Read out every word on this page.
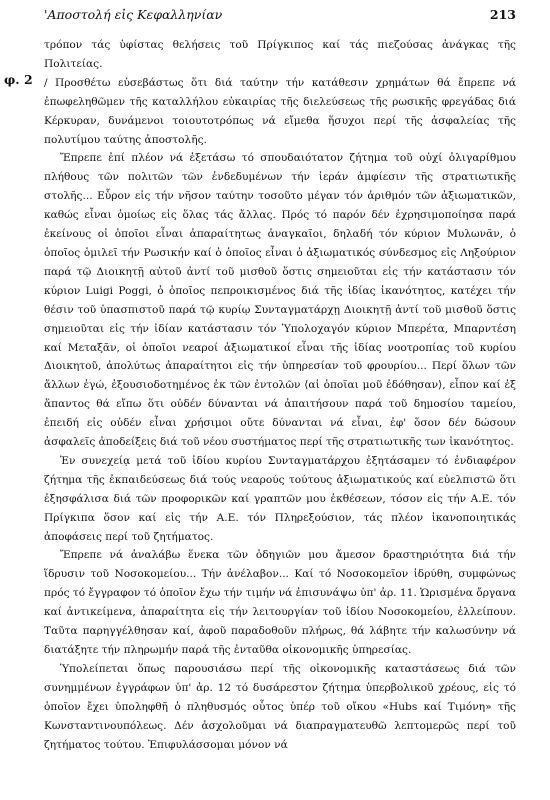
'Αποστολή εἰς Κεφαλληνίαν	213
φ. 2

τρόπον τάς ὑφίστας θελήσεις τοῦ Πρίγκιπος καί τάς πιεζούσας ἀνάγκας τῆς Πολιτείας.

/ Προσθέτω εὐσεβάστως ὅτι διά ταύτην τήν κατάθεσιν χρημάτων θά ἔπρεπε νά ἐπωφεληθῶμεν τῆς καταλλήλου εὐκαιρίας τῆς διελεύσεως τῆς ρωσικῆς φρεγάδας διά Κέρκυραν, δυνάμενοι τοιουτοτρόπως νά εἴμεθα ἥσυχοι περί τῆς ἀσφαλείας τῆς πολυτίμου ταύτης ἀποστολῆς.

Ἔπρεπε ἐπί πλέον νά ἐξετάσω τό σπουδαιότατον ζήτημα τοῦ οὐχί ὀλιγαρίθμου πλήθους τῶν πολιτῶν τῶν ἐνδεδυμένων τήν ἱεράν ἀμφίεσιν τῆς στρατιωτικῆς στολῆς... Εὗρον εἰς τήν νῆσον ταύτην τοσοῦτο μέγαν τόν ἀριθμόν τῶν ἀξιωματικῶν, καθώς εἶναι ὁμοίως εἰς ὅλας τάς ἄλλας. Πρός τό παρόν δέν ἐχρησιμοποίησα παρά ἐκείνους οἱ ὁποῖοι εἶναι ἀπαραίτητως ἀναγκαῖοι, δηλαδή τόν κύριον Μυλωνᾶν, ὁ ὁποῖος ὁμιλεῖ τήν Ρωσικήν καί ὁ ὁποῖος εἶναι ὁ ἀξιωματικός σύνδεσμος εἰς Ληξούριον παρά τῷ Διοικητῇ αὐτοῦ ἀντί τοῦ μισθοῦ ὅστις σημειοῦται εἰς τήν κατάστασιν τόν κύριον Luigi Poggi, ὁ ὁποῖος πεπροικισμένος διά τῆς ἰδίας ἱκανότητος, κατέχει τήν θέσιν τοῦ ὑπασπιστοῦ παρά τῷ κυρίῳ Συνταγματάρχῃ Διοικητῇ ἀντί τοῦ μισθοῦ ὅστις σημειοῦται εἰς τήν ἰδίαν κατάστασιν τόν Ὑπολοχαγόν κύριον Μπερέτα, Μπαρντέση καί Μεταξᾶν, οἱ ὁποῖοι νεαροί ἀξιωματικοί εἶναι τῆς ἰδίας νοοτροπίας τοῦ κυρίου Διοικητοῦ, ἀπολύτως ἀπαραίτητοι εἰς τήν ὑπηρεσίαν τοῦ φρουρίου... Περί ὅλων τῶν ἄλλων ἐγώ, ἐξουσιοδοτημένος ἐκ τῶν ἐντολῶν ⟨αἱ ὁποῖαι μοῦ ἐδόθησαν⟩, εἶπον καί ἐξ ἅπαντος θά εἴπω ὅτι οὐδέν δύνανται νά ἀπαιτήσουν παρά τοῦ δημοσίου ταμείου, ἐπειδή εἰς οὐδέν εἶναι χρήσιμοι οὔτε δύνανται νά εἶναι, ἐφ' ὅσον δέν δώσουν ἀσφαλεῖς ἀποδείξεις διά τοῦ νέου συστήματος περί τῆς στρατιωτικῆς των ἱκανότητος.

Ἐν συνεχείᾳ μετά τοῦ ἰδίου κυρίου Συνταγματάρχου ἐξητάσαμεν τό ἐνδιαφέρον ζήτημα τῆς ἐκπαιδεύσεως διά τούς νεαρούς τούτους ἀξιωματικούς καί εὐελπιστῶ ὅτι ἐξησφάλισα διά τῶν προφορικῶν καί γραπτῶν μου ἐκθέσεων, τόσον εἰς τήν Α.Ε. τόν Πρίγκιπα ὅσον καί εἰς τήν Α.Ε. τόν Πληρεξούσιον, τάς πλέον ἱκανοποιητικάς ἀποφάσεις περί τοῦ ζητήματος.

Ἔπρεπε νά ἀναλάβω ἕνεκα τῶν ὁδηγιῶν μου ἄμεσον δραστηριότητα διά τήν ἵδρυσιν τοῦ Νοσοκομείου... Τήν ἀνέλαβον... Καί τό Νοσοκομεῖον ἱδρύθη, συμφώνως πρός τό ἔγγραφον τό ὁποῖον ἔχω τήν τιμήν νά ἐπισυνάψω ὑπ' ἀρ. 11. Ὡρισμένα ὄργανα καί ἀντικείμενα, ἀπαραίτητα εἰς τήν λειτουργίαν τοῦ ἰδίου Νοσοκομείου, ἐλλείπουν. Ταῦτα παρηγγέλθησαν καί, ἀφοῦ παραδοθοῦν πλήρως, θά λάβητε τήν καλωσύνην νά διατάξητε τήν πληρωμήν παρά τῆς ἐνταῦθα οἰκονομικῆς ὑπηρεσίας.

Ὑπολείπεται ὅπως παρουσιάσω περί τῆς οἰκονομικῆς καταστάσεως διά τῶν συνημμένων ἐγγράφων ὑπ' ἀρ. 12 τό δυσάρεστον ζήτημα ὑπερβολικοῦ χρέους, εἰς τό ὁποῖον ἔχει ὑποληφθῆ ὁ πληθυσμός οὗτος ὑπέρ τοῦ οἴκου «Hubs καί Τιμόνη» τῆς Κωνσταντινουπόλεως. Δέν ἀσχολοῦμαι νά διαπραγματευθῶ λεπτομερῶς περί τοῦ ζητήματος τούτου. Ἐπιφυλάσσομαι μόνον νά
